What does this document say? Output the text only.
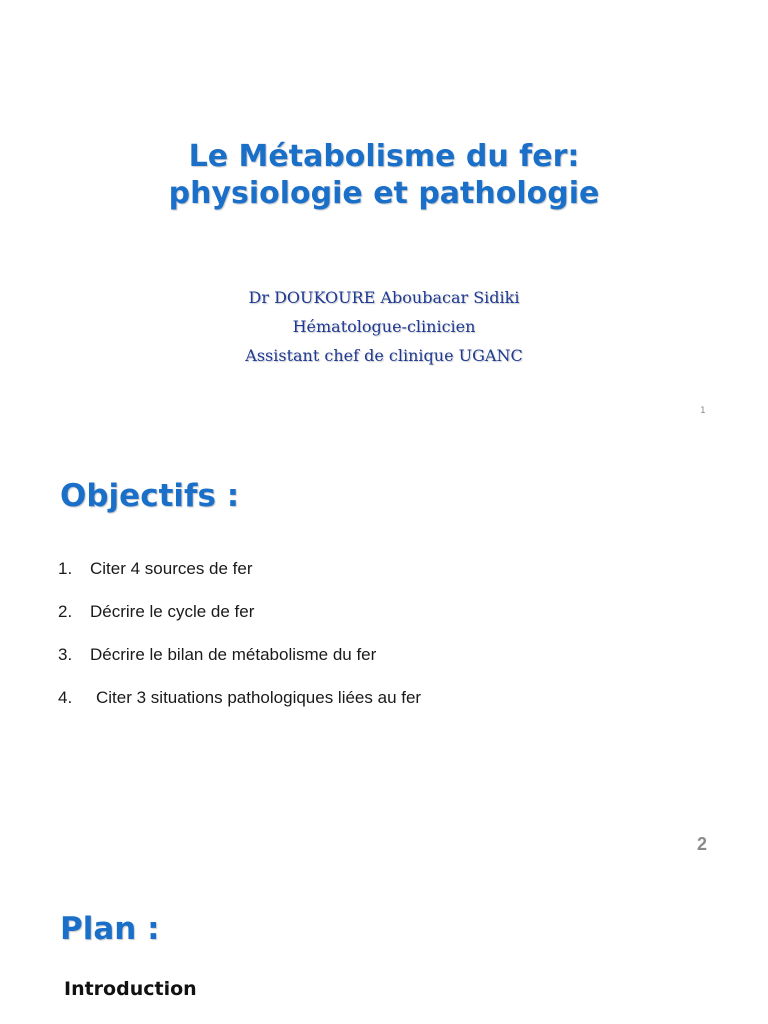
Le Métabolisme du fer:
physiologie et pathologie
Dr DOUKOURE Aboubacar Sidiki
Hématologue-clinicien
Assistant chef de clinique UGANC
1
Objectifs :
1. Citer 4 sources de fer
2. Décrire le cycle de fer
3. Décrire le bilan de métabolisme du fer
4. Citer 3 situations pathologiques liées au fer
2
Plan :
Introduction
